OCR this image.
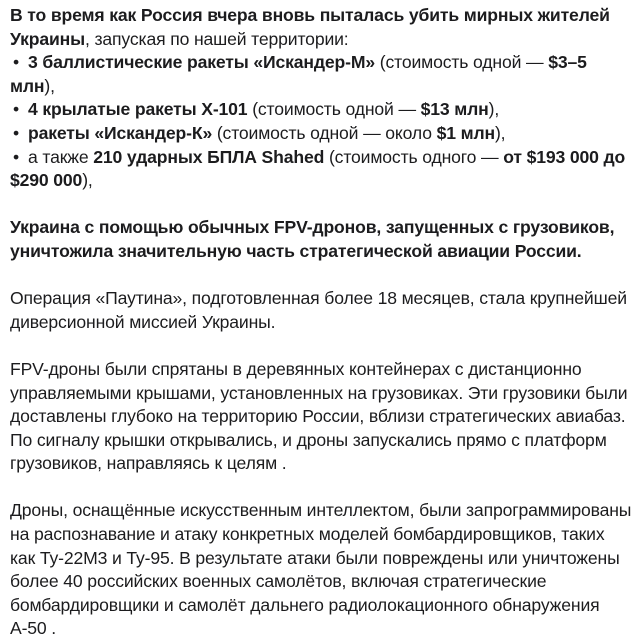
В то время как Россия вчера вновь пыталась убить мирных жителей Украины, запуская по нашей территории:

• 3 баллистические ракеты «Искандер-М» (стоимость одной — $3–5 млн),

• 4 крылатые ракеты Х-101 (стоимость одной — $13 млн),

• ракеты «Искандер-К» (стоимость одной — около $1 млн),

• а также 210 ударных БПЛА Shahed (стоимость одного — от $193 000 до $290 000),

Украина с помощью обычных FPV-дронов, запущенных с грузовиков, уничтожила значительную часть стратегической авиации России.

Операция «Паутина», подготовленная более 18 месяцев, стала крупнейшей диверсионной миссией Украины.

FPV-дроны были спрятаны в деревянных контейнерах с дистанционно управляемыми крышами, установленных на грузовиках. Эти грузовики были доставлены глубоко на территорию России, вблизи стратегических авиабаз. По сигналу крышки открывались, и дроны запускались прямо с платформ грузовиков, направляясь к целям .

Дроны, оснащённые искусственным интеллектом, были запрограммированы на распознавание и атаку конкретных моделей бомбардировщиков, таких как Ту-22М3 и Ту-95. В результате атаки были повреждены или уничтожены более 40 российских военных самолётов, включая стратегические бомбардировщики и самолёт дальнего радиолокационного обнаружения А-50 .
